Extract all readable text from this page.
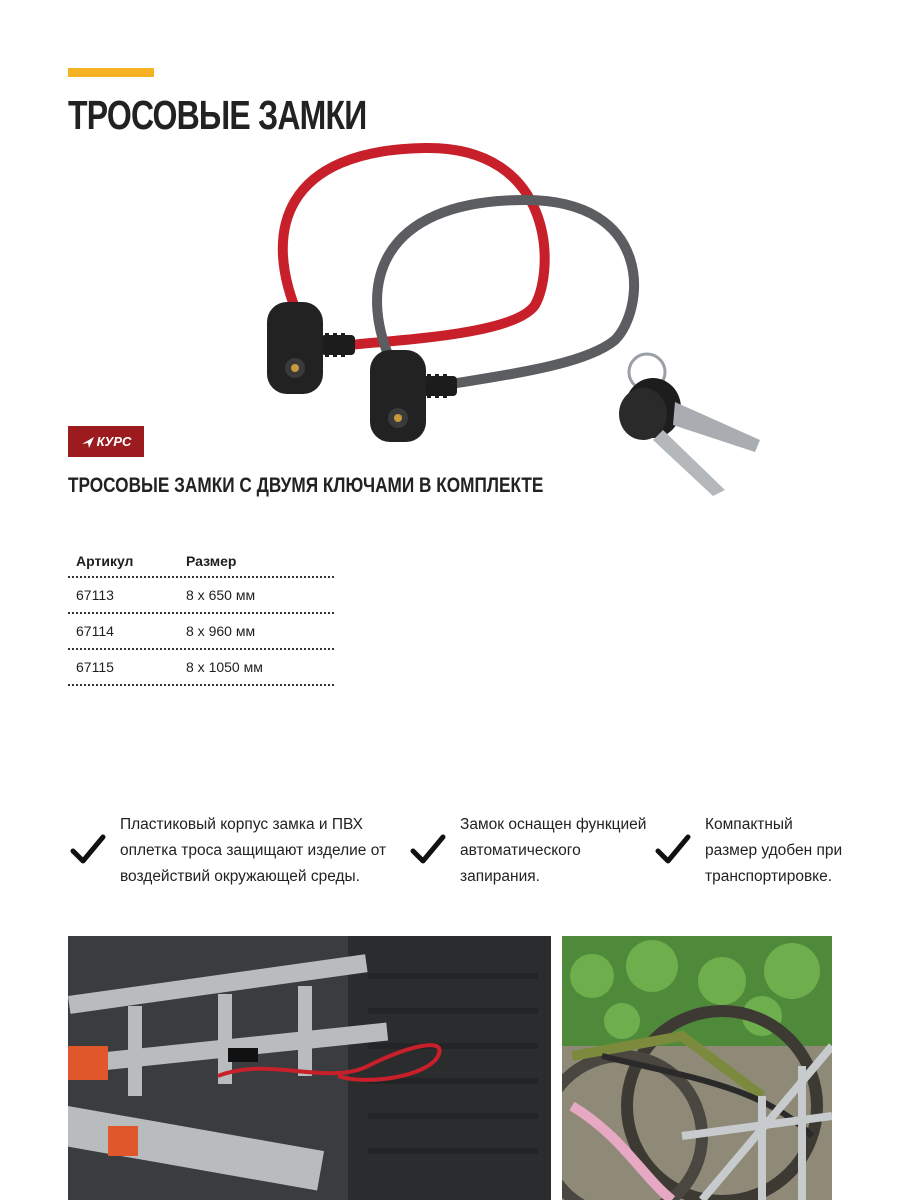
ТРОСОВЫЕ ЗАМКИ
КУРС
ТРОСОВЫЕ ЗАМКИ С ДВУМЯ КЛЮЧАМИ В КОМПЛЕКТЕ
Артикул	Размер
67113	8 x 650 мм
67114	8 x 960 мм
67115	8 x 1050 мм
Пластиковый корпус замка и ПВХ оплетка троса защищают изделие от воздействий окружающей среды.
Замок оснащен функцией автоматического запирания.
Компактный размер удобен при транспортировке.
